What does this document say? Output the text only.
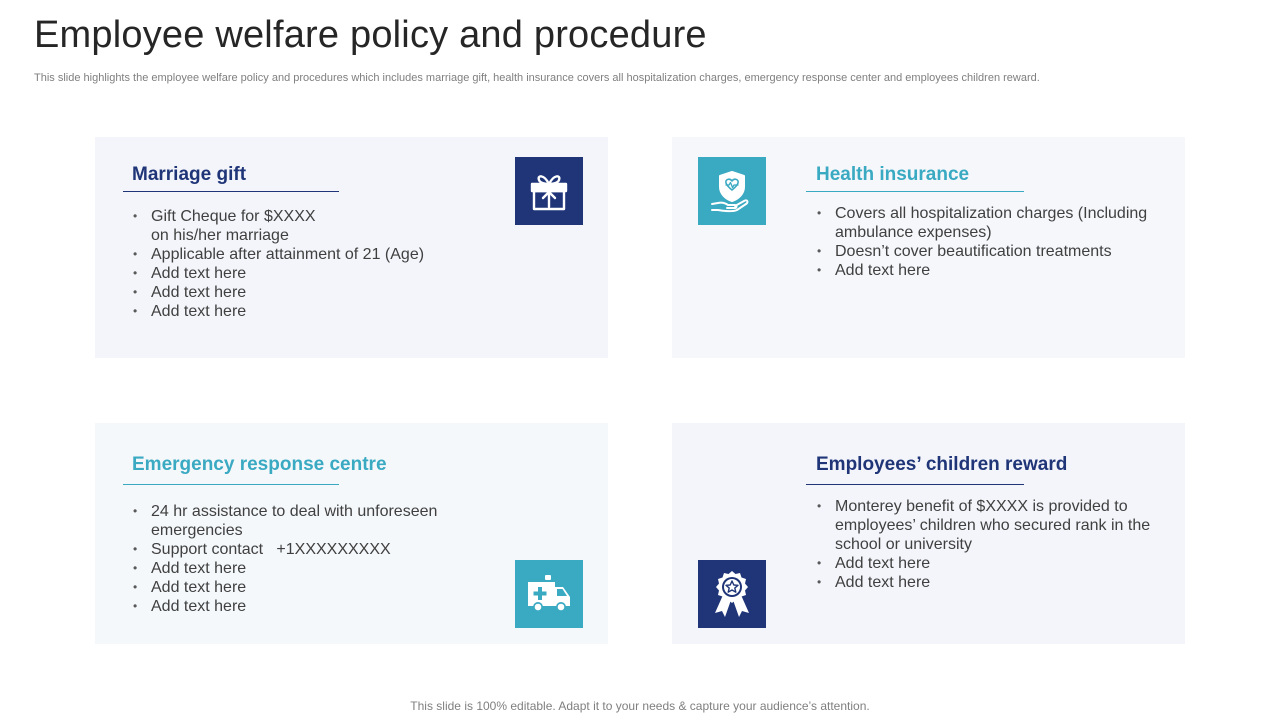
Employee welfare policy and procedure
This slide highlights the employee welfare policy and procedures which includes marriage gift, health insurance covers all hospitalization charges, emergency response center and employees children reward.
Marriage gift
• Gift Cheque for $XXXX
on his/her marriage
• Applicable after attainment of 21 (Age)
• Add text here
• Add text here
• Add text here
Health insurance
• Covers all hospitalization charges (Including ambulance expenses)
• Doesn’t cover beautification treatments
• Add text here
Emergency response centre
• 24 hr assistance to deal with unforeseen emergencies
• Support contact   +1XXXXXXXXX
• Add text here
• Add text here
• Add text here
Employees’ children reward
• Monterey benefit of $XXXX is provided to employees’ children who secured rank in the school or university
• Add text here
• Add text here
This slide is 100% editable. Adapt it to your needs & capture your audience’s attention.
